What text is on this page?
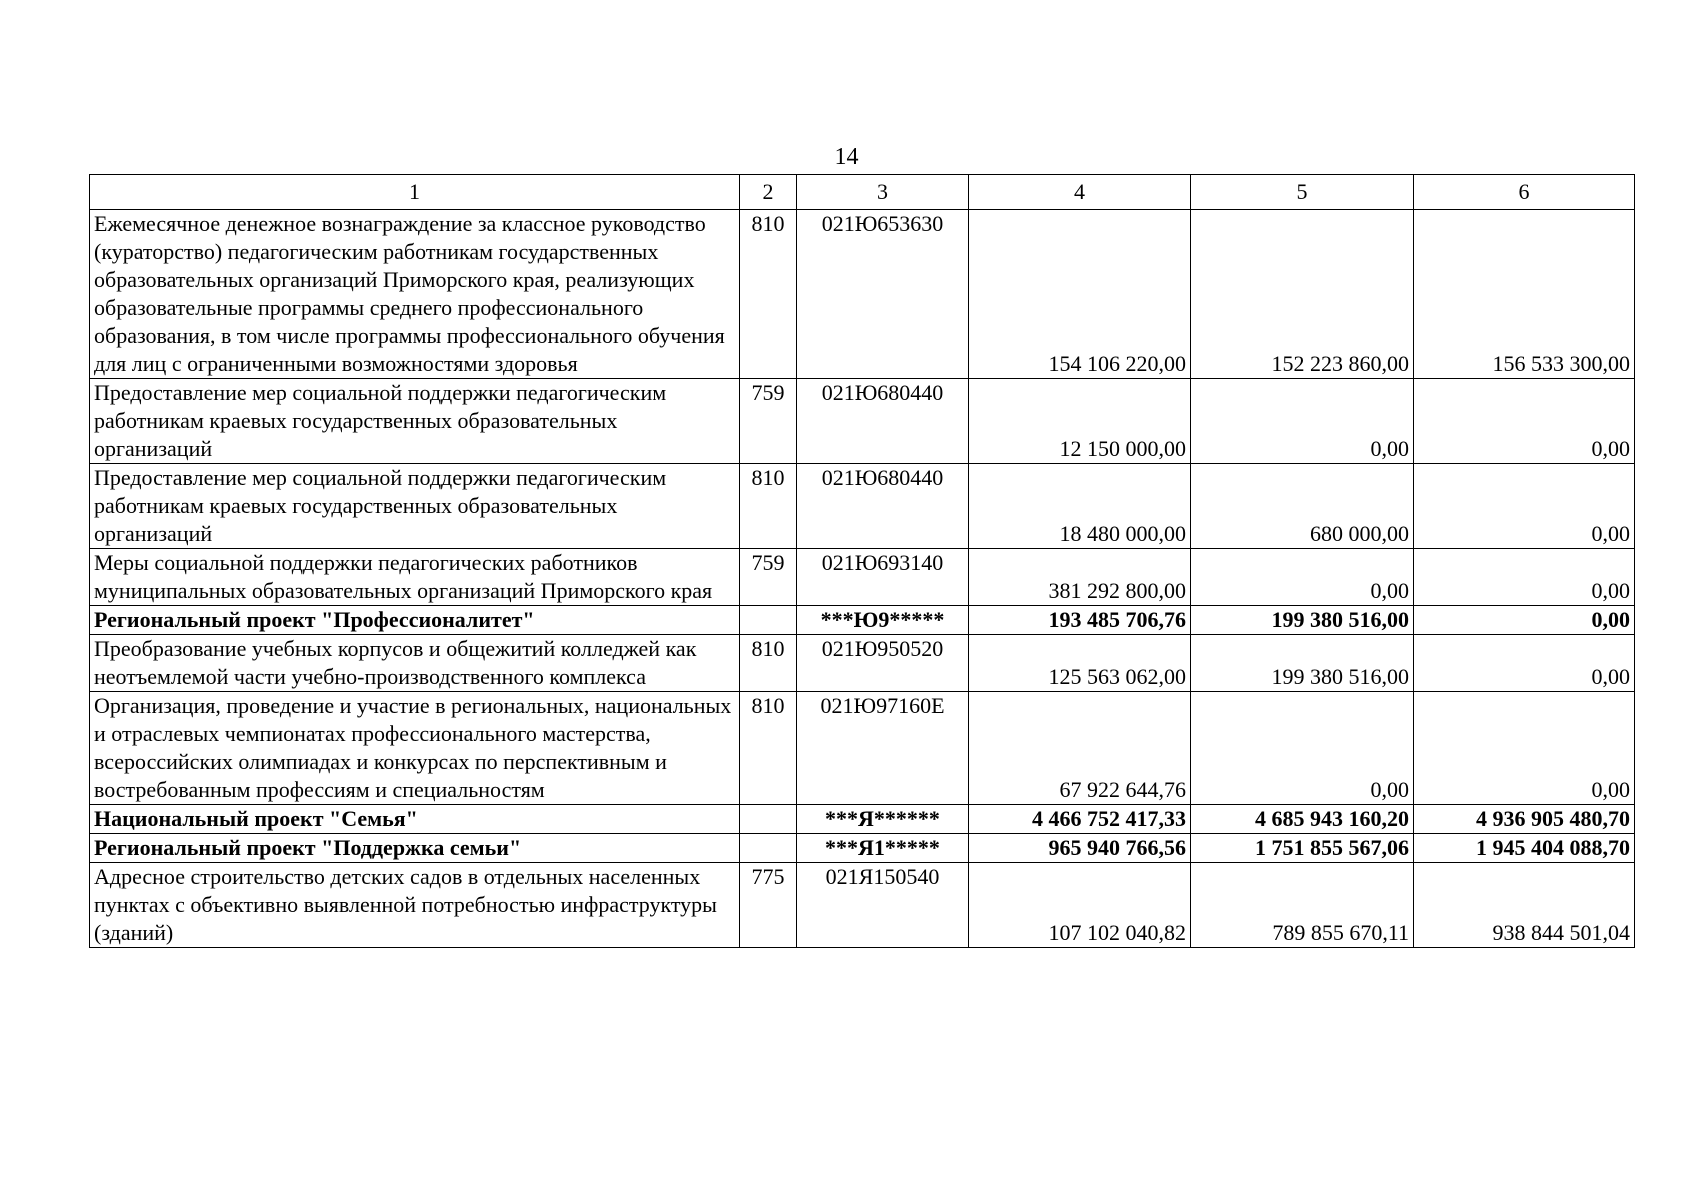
14
1	2	3	4	5	6
Ежемесячное денежное вознаграждение за классное руководство (кураторство) педагогическим работникам государственных образовательных организаций Приморского края, реализующих образовательные программы среднего профессионального образования, в том числе программы профессионального обучения для лиц с ограниченными возможностями здоровья	810	021Ю653630	154 106 220,00	152 223 860,00	156 533 300,00
Предоставление мер социальной поддержки педагогическим работникам краевых государственных образовательных организаций	759	021Ю680440	12 150 000,00	0,00	0,00
Предоставление мер социальной поддержки педагогическим работникам краевых государственных образовательных организаций	810	021Ю680440	18 480 000,00	680 000,00	0,00
Меры социальной поддержки педагогических работников муниципальных образовательных организаций Приморского края	759	021Ю693140	381 292 800,00	0,00	0,00
Региональный проект "Профессионалитет"		***Ю9*****	193 485 706,76	199 380 516,00	0,00
Преобразование учебных корпусов и общежитий колледжей как неотъемлемой части учебно-производственного комплекса	810	021Ю950520	125 563 062,00	199 380 516,00	0,00
Организация, проведение и участие в региональных, национальных и отраслевых чемпионатах профессионального мастерства, всероссийских олимпиадах и конкурсах по перспективным и востребованным профессиям и специальностям	810	021Ю97160Е	67 922 644,76	0,00	0,00
Национальный проект "Семья"		***Я******	4 466 752 417,33	4 685 943 160,20	4 936 905 480,70
Региональный проект "Поддержка семьи"		***Я1*****	965 940 766,56	1 751 855 567,06	1 945 404 088,70
Адресное строительство детских садов в отдельных населенных пунктах с объективно выявленной потребностью инфраструктуры (зданий)	775	021Я150540	107 102 040,82	789 855 670,11	938 844 501,04
